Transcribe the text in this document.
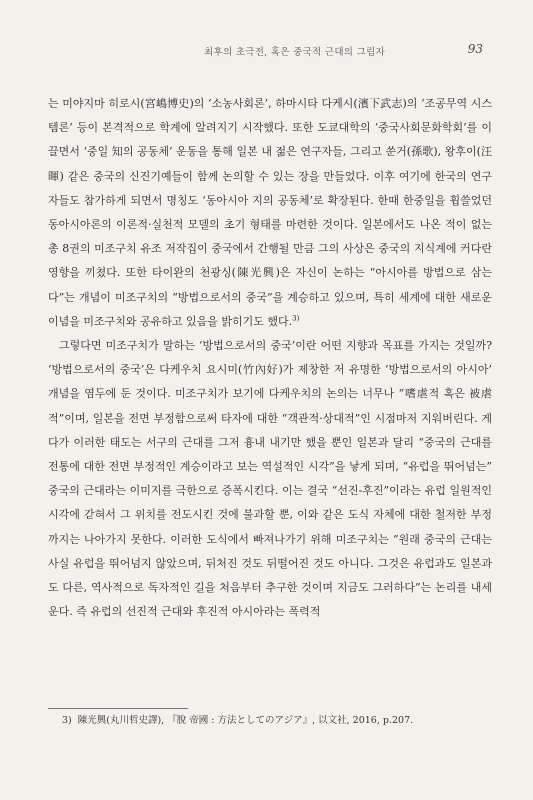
최후의 초극전, 혹은 중국적 근대의 그림자	93

는 미야지마 히로시(宮嶋博史)의 ‘소농사회론’, 하마시타 다케시(濱下武志)의 ‘조공무역 시스템론’ 등이 본격적으로 학계에 알려지기 시작했다. 또한 도쿄대학의 ‘중국사회문화학회’를 이끌면서 ‘중일 知의 공동체’ 운동을 통해 일본 내 젊은 연구자들, 그리고 쑨거(孫歌), 왕후이(汪暉) 같은 중국의 신진기예들이 함께 논의할 수 있는 장을 만들었다. 이후 여기에 한국의 연구자들도 참가하게 되면서 명칭도 ‘동아시아 지의 공동체’로 확장된다. 한때 한중일을 휩쓸었던 동아시아론의 이론적·실천적 모델의 초기 형태를 마련한 것이다. 일본에서도 나온 적이 없는 총 8권의 미조구치 유조 저작집이 중국에서 간행될 만큼 그의 사상은 중국의 지식계에 커다란 영향을 끼쳤다. 또한 타이완의 천광싱(陳光興)은 자신이 논하는 “아시아를 방법으로 삼는다”는 개념이 미조구치의 “방법으로서의 중국”을 계승하고 있으며, 특히 세계에 대한 새로운 이념을 미조구치와 공유하고 있음을 밝히기도 했다.$^{3)}$

그렇다면 미조구치가 말하는 ‘방법으로서의 중국’이란 어떤 지향과 목표를 가지는 것일까? ‘방법으로서의 중국’은 다케우치 요시미(竹內好)가 제창한 저 유명한 ‘방법으로서의 아시아’ 개념을 염두에 둔 것이다. 미조구치가 보기에 다케우치의 논의는 너무나 “嗜虐적 혹은 被虐적”이며, 일본을 전면 부정함으로써 타자에 대한 “객관적·상대적”인 시점마저 지워버린다. 게다가 이러한 태도는 서구의 근대를 그저 흉내 내기만 했을 뿐인 일본과 달리 “중국의 근대를 전통에 대한 전면 부정적인 계승이라고 보는 역설적인 시각”을 낳게 되며, “유럽을 뛰어넘는” 중국의 근대라는 이미지를 극한으로 증폭시킨다. 이는 결국 “선진-후진”이라는 유럽 일원적인 시각에 갇혀서 그 위치를 전도시킨 것에 불과할 뿐, 이와 같은 도식 자체에 대한 철저한 부정까지는 나아가지 못한다. 이러한 도식에서 빠져나가기 위해 미조구치는 “원래 중국의 근대는 사실 유럽을 뛰어넘지 않았으며, 뒤처진 것도 뒤떨어진 것도 아니다. 그것은 유럽과도 일본과도 다른, 역사적으로 독자적인 길을 처음부터 추구한 것이며 지금도 그러하다”는 논리를 내세운다. 즉 유럽의 선진적 근대와 후진적 아시아라는 폭력적

3) 陳光興(丸川哲史譯), 『脫 帝國 : 方法としてのアジア』, 以文社, 2016, p.207.
